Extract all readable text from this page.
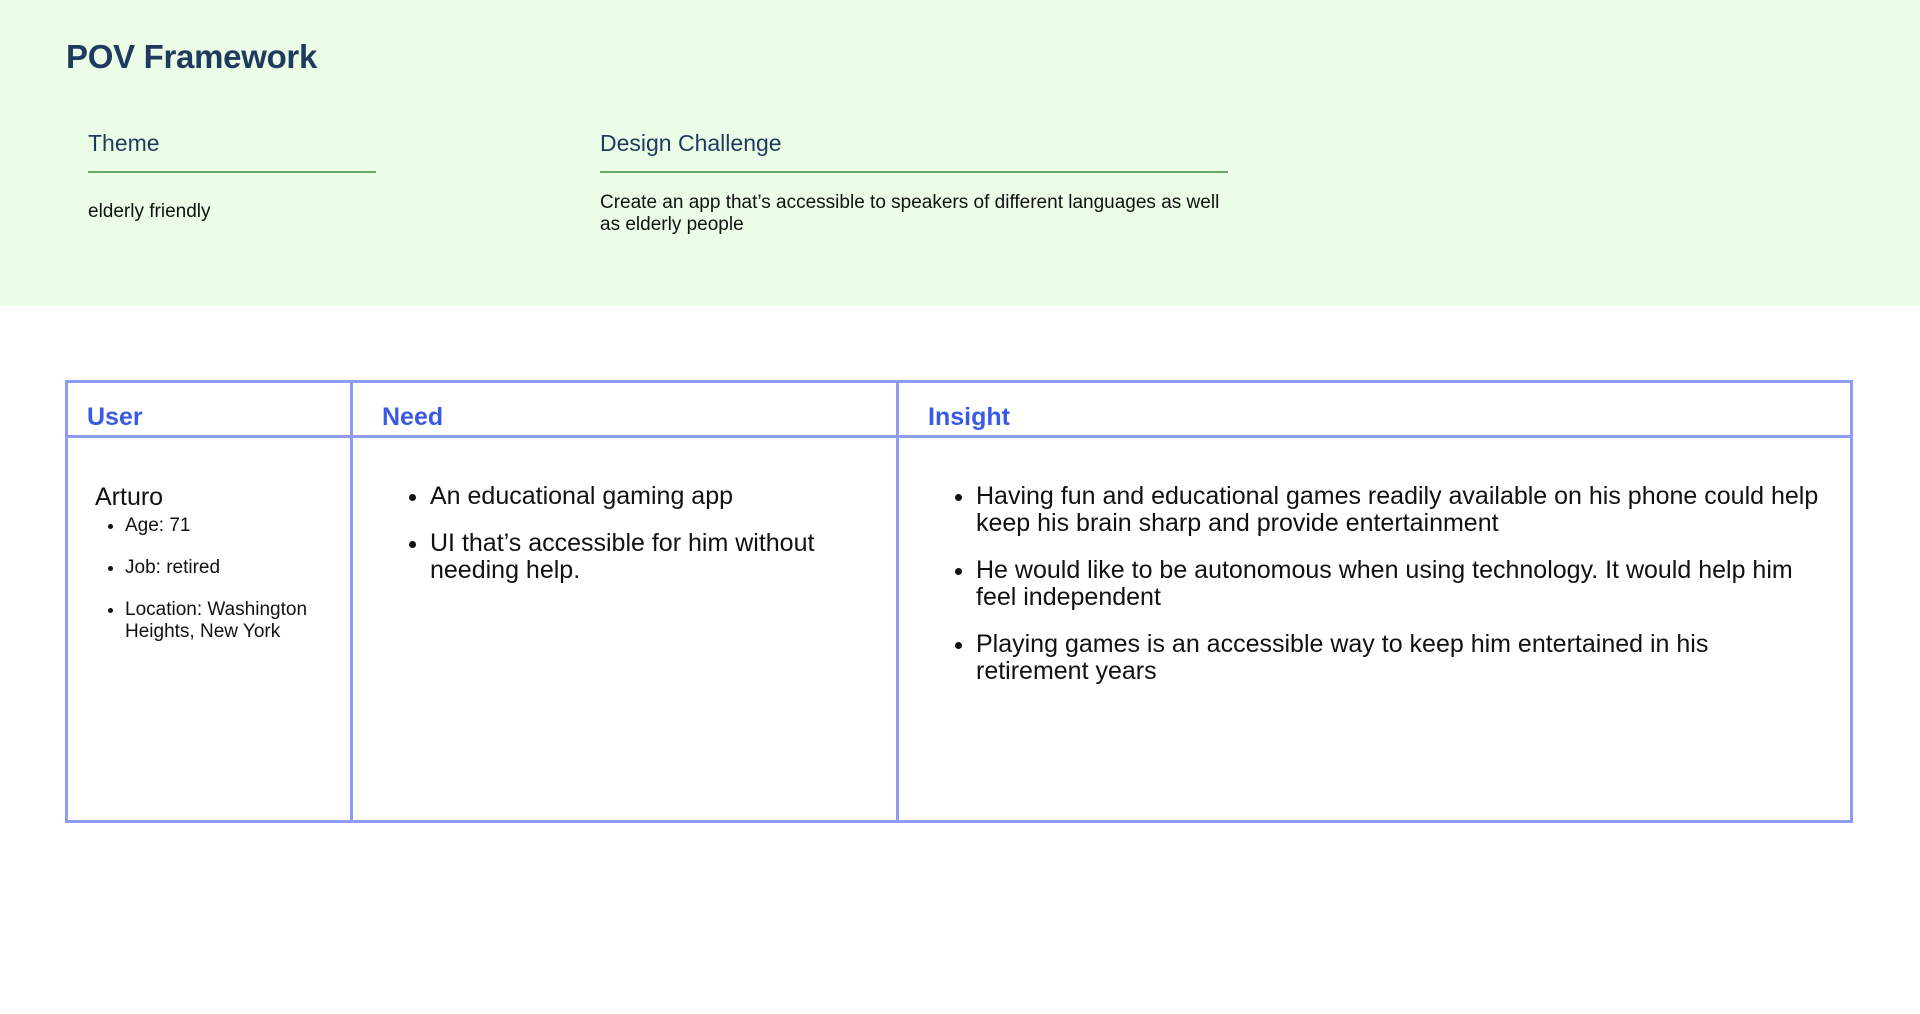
POV Framework
Theme
elderly friendly
Design Challenge
Create an app that’s accessible to speakers of different languages as well as elderly people
User	Need	Insight
Arturo
• Age: 71
• Job: retired
• Location: Washington Heights, New York
• An educational gaming app
• UI that’s accessible for him without needing help.
• Having fun and educational games readily available on his phone could help keep his brain sharp and provide entertainment
• He would like to be autonomous when using technology. It would help him feel independent
• Playing games is an accessible way to keep him entertained in his retirement years
